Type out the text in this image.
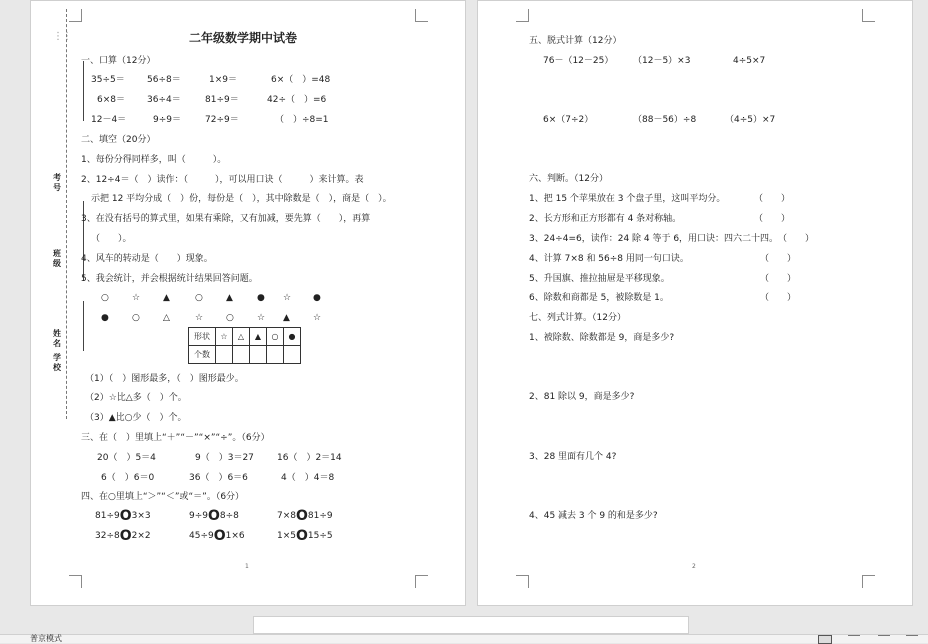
⋮⋮
考号
班级
姓名
学校
二年级数学期中试卷
一、口算（12分）
35÷5＝ 56÷8＝	1×9＝	6×（　）=48
6×8＝ 36÷4＝	81÷9＝	42÷（　）=6
12－4＝	9÷9＝	72÷9＝	（　）÷8=1
二、填空（20分）
1、每份分得同样多，叫（　　　）。
2、12÷4＝（　）读作：（　　　），可以用口诀（　　　）来计算。表
示把 12 平均分成（　）份，每份是（　），其中除数是（　），商是（　）。
3、在没有括号的算式里，如果有乘除，又有加减，要先算（　　），再算
（　　）。
4、风车的转动是（　　）现象。
5、我会统计，并会根据统计结果回答问题。
○	☆	▲	○	▲	● ☆ ●
●	○	△	☆	○	☆ ▲	☆
形状	☆	△	▲	○	●
个数					
（1）（　）图形最多，（　）图形最少。
（2）☆比△多（　）个。
（3）▲比○少（　）个。
三、在（　）里填上“＋”“－”“×”“÷”。（6分）
20（　）5＝4	9（　）3＝27	16（　）2＝14
6（　）6＝0	36（　）6＝6	4（　）4＝8
四、在○里填上“＞”“＜”或“＝”。（6分）
81÷9O3×3	9÷9O8÷8	7×8O81÷9
32÷8O2×2	45÷9O1×6	1×5O15÷5
1
五、脱式计算（12分）
76－（12－25） （12－5）×3	4÷5×7
6×（7÷2）	（88－56）÷8	（4÷5）×7
六、判断。（12分）
1、把 15 个苹果放在 3 个盘子里，这叫平均分。	（　　）
2、长方形和正方形都有 4 条对称轴。	（　　）
3、24÷4=6，读作：24 除 4 等于 6，用口诀：四六二十四。 （　　）
4、计算 7×8 和 56÷8 用同一句口诀。	（　　）
5、升国旗、推拉抽屉是平移现象。	（　　）
6、除数和商都是 5，被除数是 1。	（　　）
七、列式计算。（12分）
1、被除数、除数都是 9，商是多少?
2、81 除以 9，商是多少?
3、28 里面有几个 4?
4、45 减去 3 个 9 的和是多少?
2
普京模式
